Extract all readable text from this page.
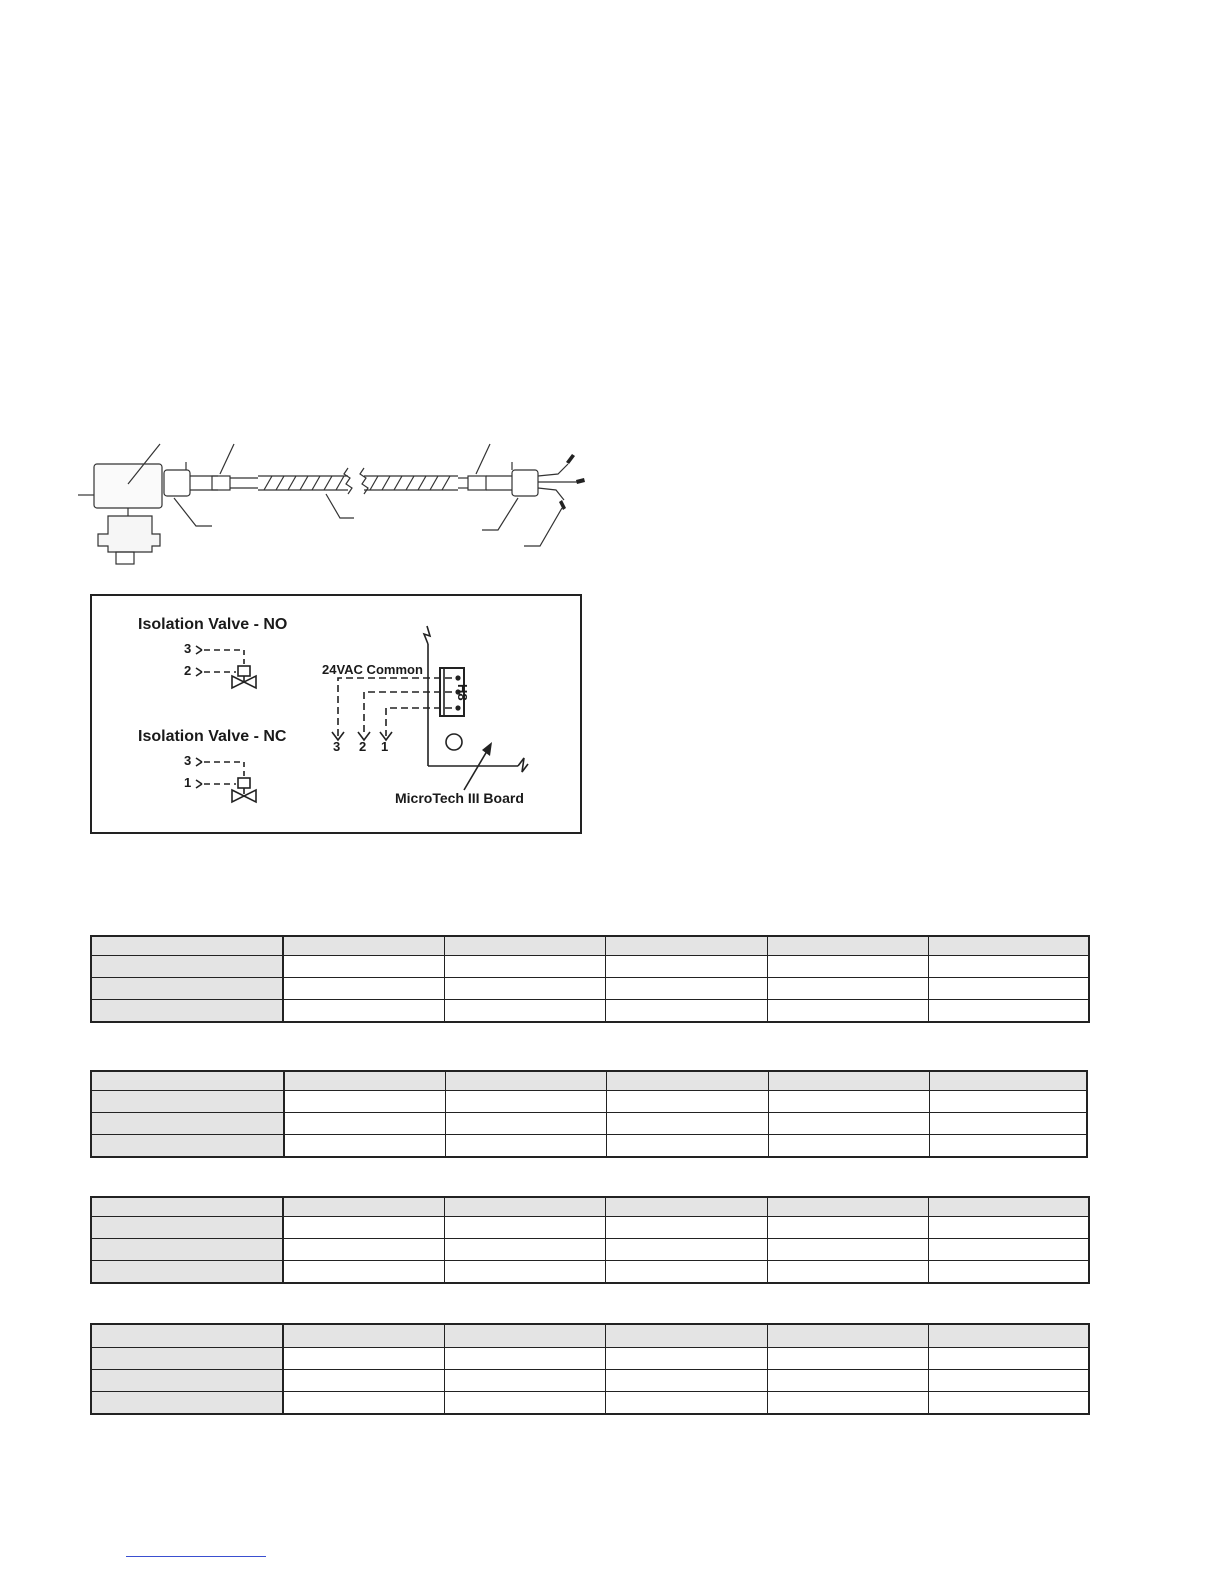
Isolation Valve - NO
3
2
Isolation Valve - NC
3
1
24VAC Common
H8
3 2 1
MicroTech III Board
